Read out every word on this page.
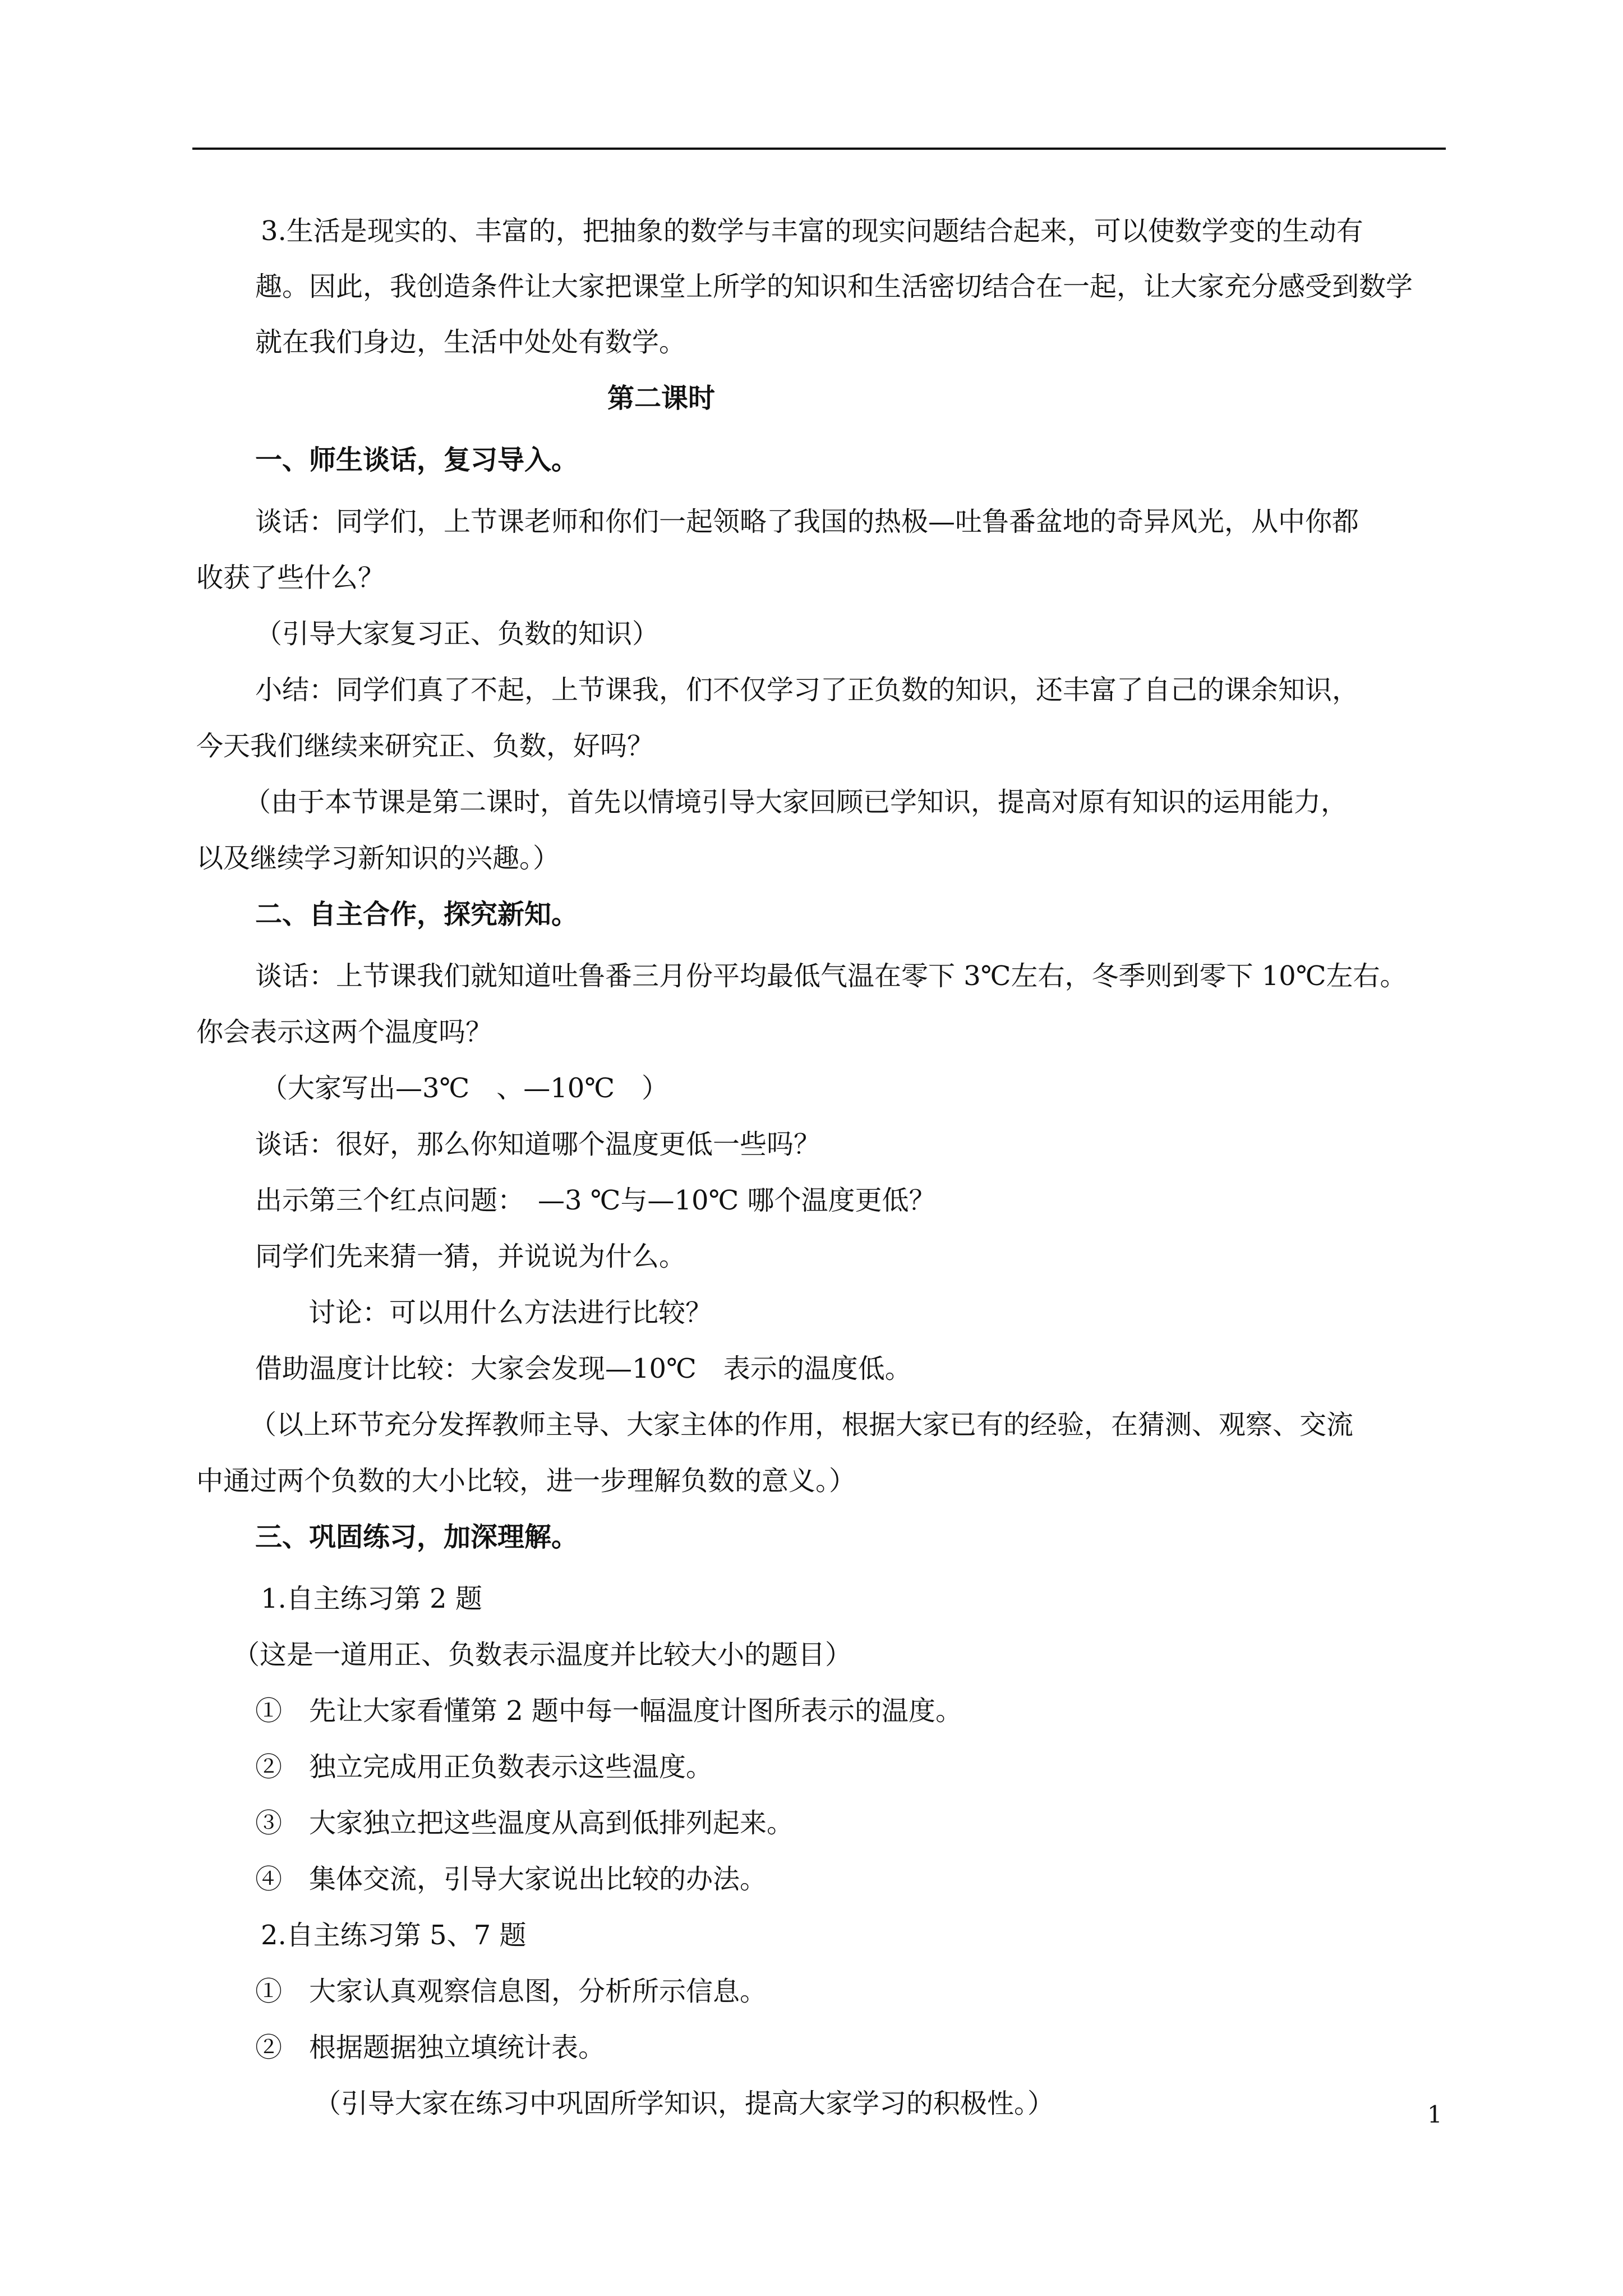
3.生活是现实的、丰富的，把抽象的数学与丰富的现实问题结合起来，可以使数学变的生动有
趣。因此，我创造条件让大家把课堂上所学的知识和生活密切结合在一起，让大家充分感受到数学
就在我们身边，生活中处处有数学。
第二课时
一、师生谈话，复习导入。
谈话：同学们，上节课老师和你们一起领略了我国的热极—吐鲁番盆地的奇异风光，从中你都
收获了些什么？
（引导大家复习正、负数的知识）
小结：同学们真了不起，上节课我，们不仅学习了正负数的知识，还丰富了自己的课余知识，
今天我们继续来研究正、负数，好吗？
（由于本节课是第二课时，首先以情境引导大家回顾已学知识，提高对原有知识的运用能力，
以及继续学习新知识的兴趣。）
二、自主合作，探究新知。
谈话：上节课我们就知道吐鲁番三月份平均最低气温在零下 3℃左右，冬季则到零下 10℃左右。
你会表示这两个温度吗？
（大家写出—3℃　、—10℃　）
谈话：很好，那么你知道哪个温度更低一些吗？
出示第三个红点问题：　—3 ℃与—10℃ 哪个温度更低？
同学们先来猜一猜，并说说为什么。
讨论：可以用什么方法进行比较？
借助温度计比较：大家会发现—10℃　表示的温度低。
（以上环节充分发挥教师主导、大家主体的作用，根据大家已有的经验，在猜测、观察、交流
中通过两个负数的大小比较，进一步理解负数的意义。）
三、巩固练习，加深理解。
1.自主练习第 2 题
（这是一道用正、负数表示温度并比较大小的题目）
①　先让大家看懂第 2 题中每一幅温度计图所表示的温度。
②　独立完成用正负数表示这些温度。
③　大家独立把这些温度从高到低排列起来。
④　集体交流，引导大家说出比较的办法。
2.自主练习第 5、7 题
①　大家认真观察信息图，分析所示信息。
②　根据题据独立填统计表。
（引导大家在练习中巩固所学知识，提高大家学习的积极性。）	1
